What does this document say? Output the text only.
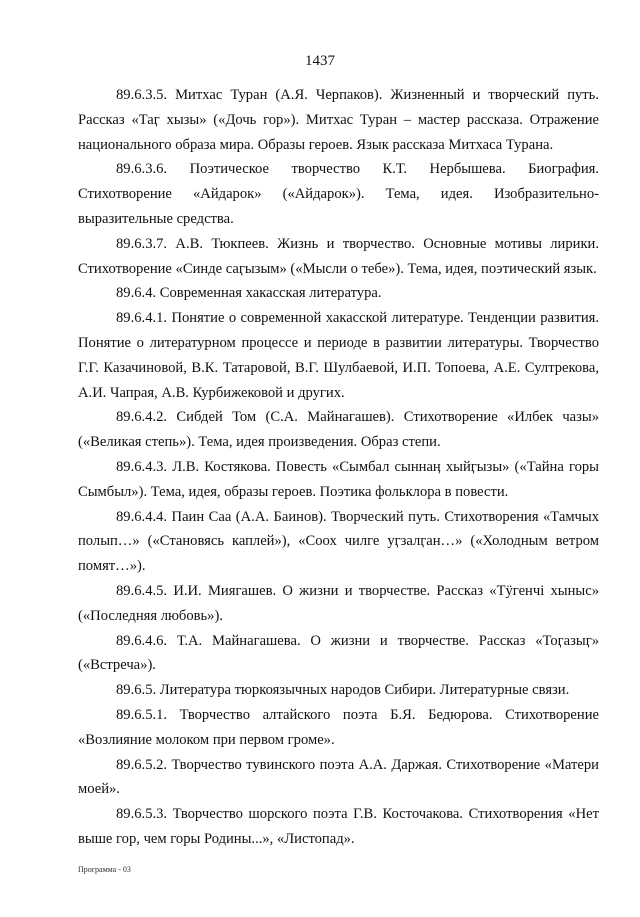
1437

89.6.3.5. Митхас Туран (А.Я. Черпаков). Жизненный и творческий путь. Рассказ «Таӷ хызы» («Дочь гор»). Митхас Туран – мастер рассказа. Отражение национального образа мира. Образы героев. Язык рассказа Митхаса Турана.

89.6.3.6. Поэтическое творчество К.Т. Нербышева. Биография. Стихотворение «Айдарок» («Айдарок»). Тема, идея. Изобразительно-выразительные средства.

89.6.3.7. А.В. Тюкпеев. Жизнь и творчество. Основные мотивы лирики. Стихотворение «Синде саӷызым» («Мысли о тебе»). Тема, идея, поэтический язык.

89.6.4. Современная хакасская литература.

89.6.4.1. Понятие о современной хакасской литературе. Тенденции развития. Понятие о литературном процессе и периоде в развитии литературы. Творчество Г.Г. Казачиновой, В.К. Татаровой, В.Г. Шулбаевой, И.П. Топоева, А.Е. Султрекова, А.И. Чапрая, А.В. Курбижековой и других.

89.6.4.2. Сибдей Том (С.А. Майнагашев). Стихотворение «Илбек чазы» («Великая степь»). Тема, идея произведения. Образ степи.

89.6.4.3. Л.В. Костякова. Повесть «Сымбал сыннаӊ хыйӷызы» («Тайна горы Сымбыл»). Тема, идея, образы героев. Поэтика фольклора в повести.

89.6.4.4. Паин Саа (А.А. Баинов). Творческий путь. Стихотворения «Тамчых полып…» («Становясь каплей»), «Соох чилге уӷзалӷан…» («Холодным ветром помят…»).

89.6.4.5. И.И. Миягашев. О жизни и творчестве. Рассказ «Тӱгенчі хыныс» («Последняя любовь»).

89.6.4.6. Т.А. Майнагашева. О жизни и творчестве. Рассказ «Тоӷазыӷ» («Встреча»).

89.6.5. Литература тюркоязычных народов Сибири. Литературные связи.

89.6.5.1. Творчество алтайского поэта Б.Я. Бедюрова. Стихотворение «Возлияние молоком при первом громе».

89.6.5.2. Творчество тувинского поэта А.А. Даржая. Стихотворение «Матери моей».

89.6.5.3. Творчество шорского поэта Г.В. Косточакова. Стихотворения «Нет выше гор, чем горы Родины...», «Листопад».

Программа - 03
